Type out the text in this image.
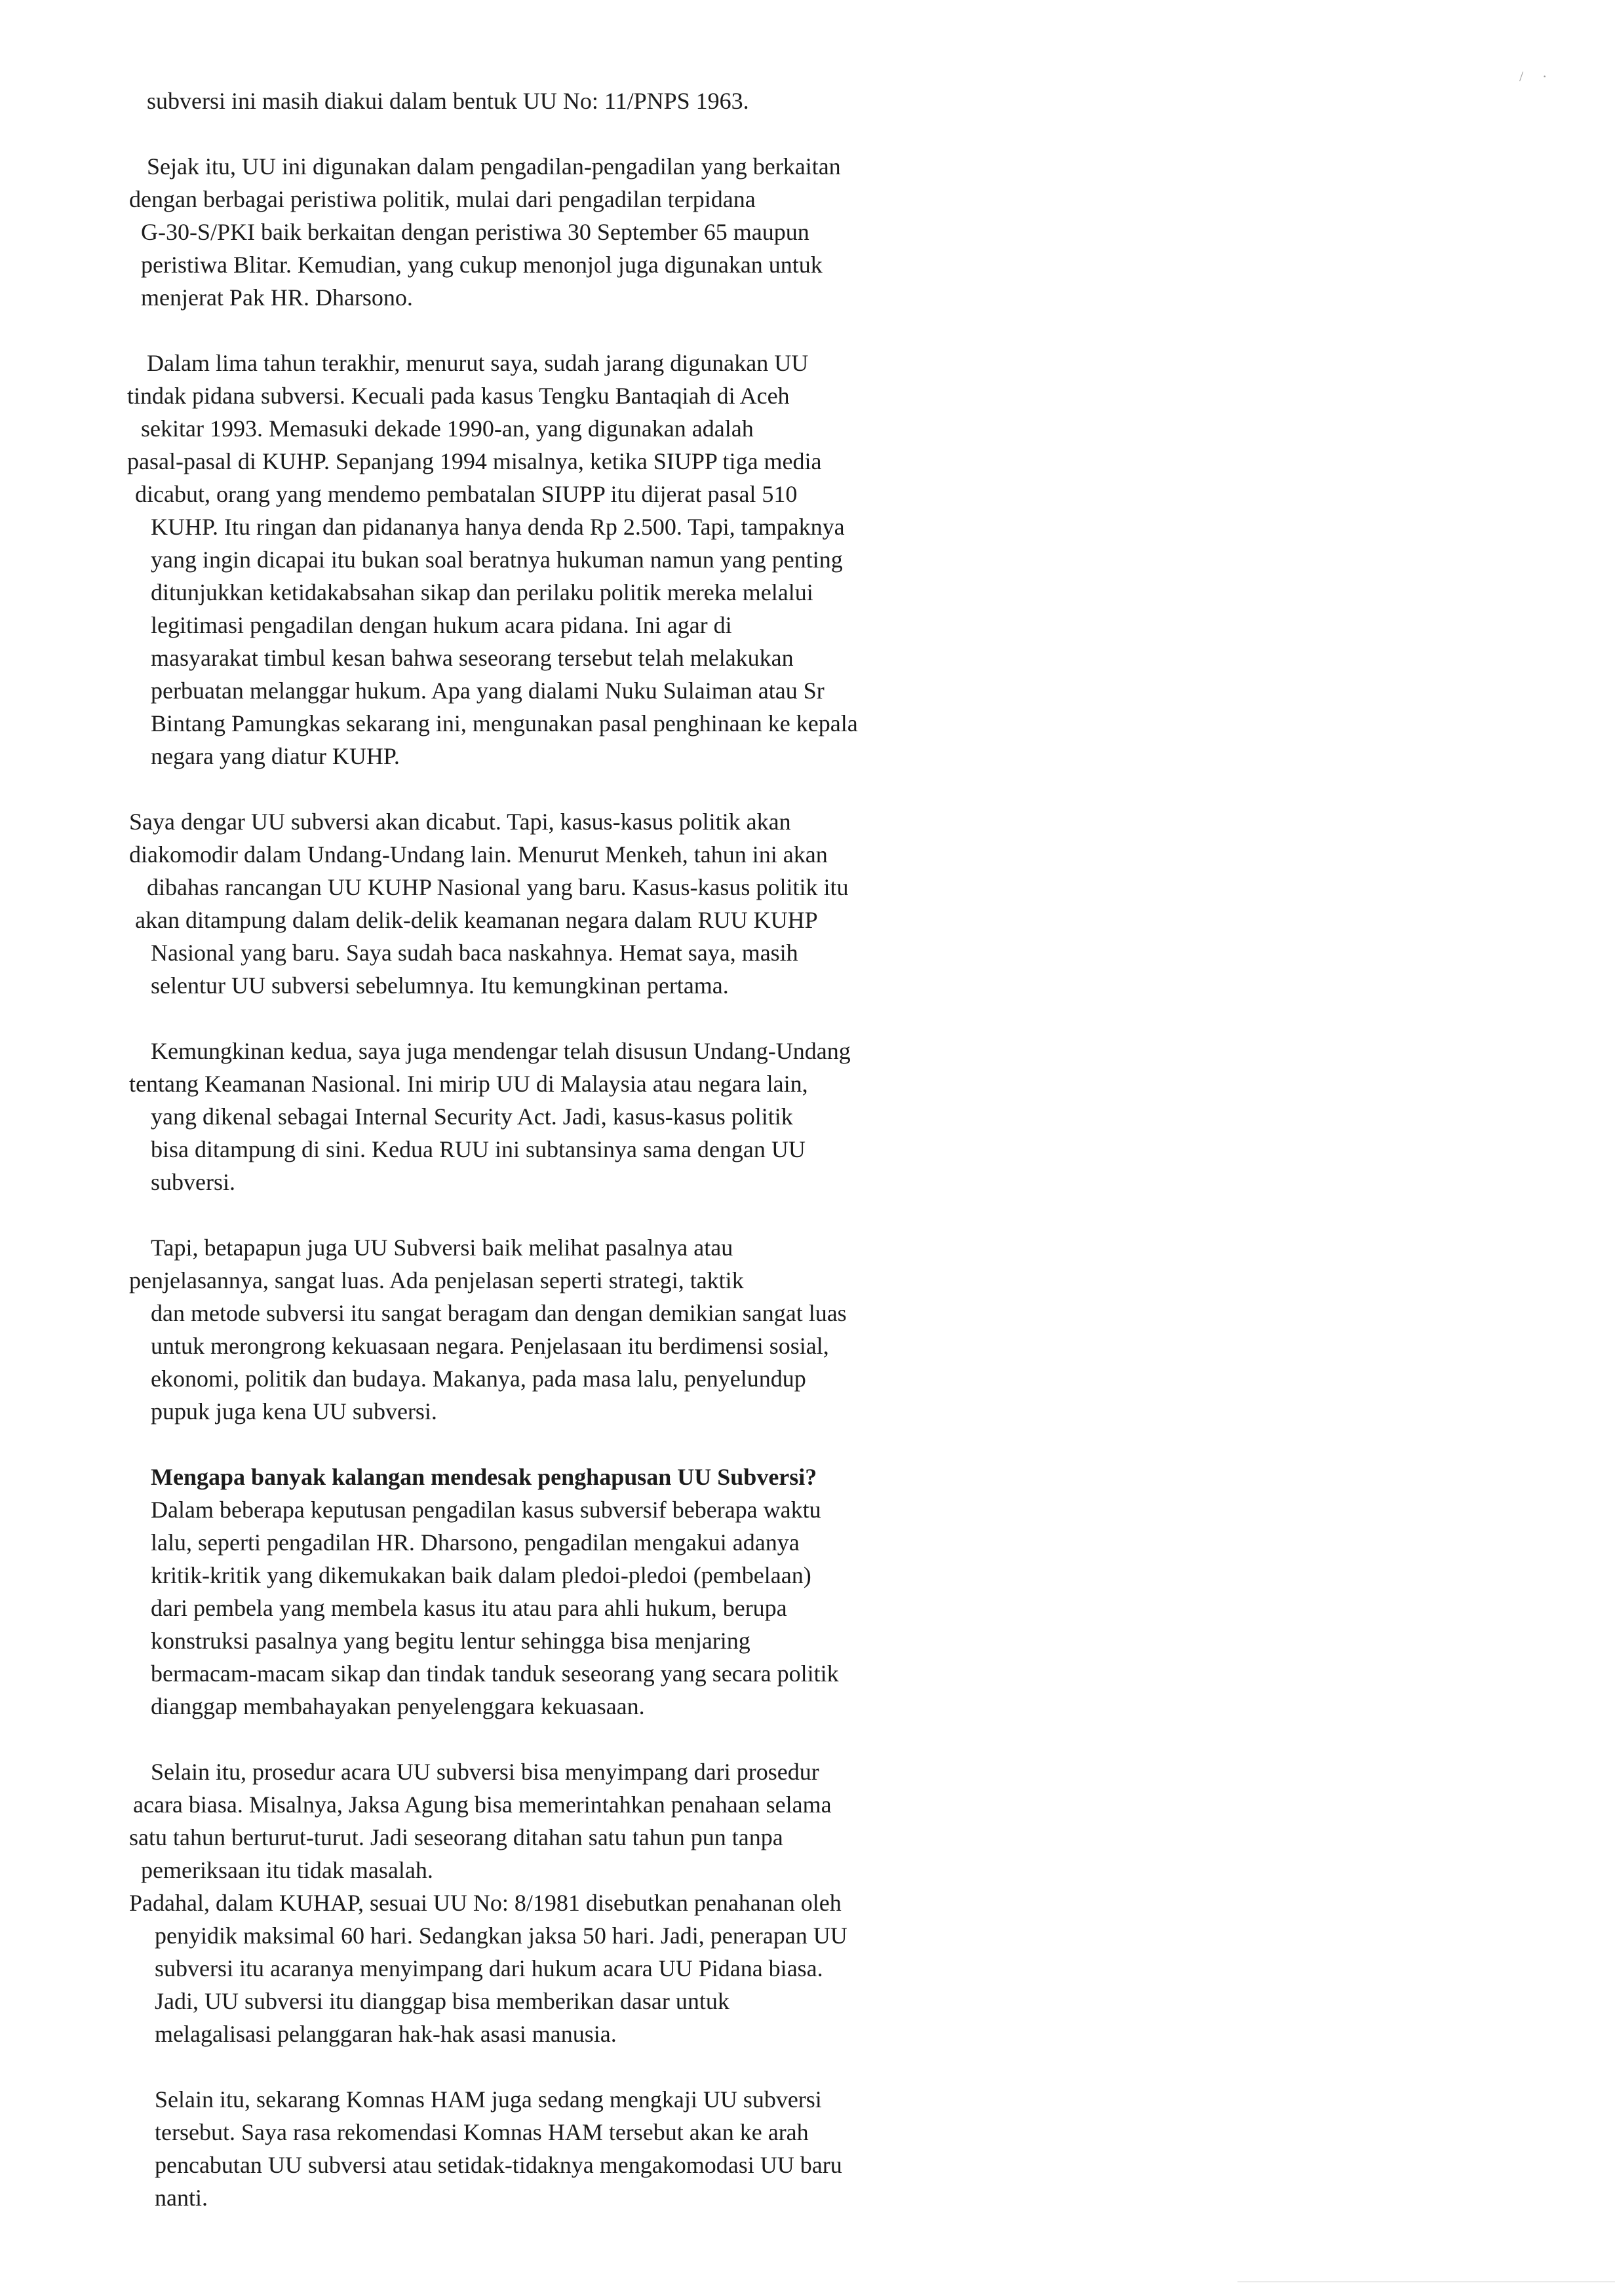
/ ·
subversi ini masih diakui dalam bentuk UU No: 11/PNPS 1963.
Sejak itu, UU ini digunakan dalam pengadilan-pengadilan yang berkaitan
dengan berbagai peristiwa politik, mulai dari pengadilan terpidana
G-30-S/PKI baik berkaitan dengan peristiwa 30 September 65 maupun
peristiwa Blitar. Kemudian, yang cukup menonjol juga digunakan untuk
menjerat Pak HR. Dharsono.
Dalam lima tahun terakhir, menurut saya, sudah jarang digunakan UU
tindak pidana subversi. Kecuali pada kasus Tengku Bantaqiah di Aceh
sekitar 1993. Memasuki dekade 1990-an, yang digunakan adalah
pasal-pasal di KUHP. Sepanjang 1994 misalnya, ketika SIUPP tiga media
dicabut, orang yang mendemo pembatalan SIUPP itu dijerat pasal 510
KUHP. Itu ringan dan pidananya hanya denda Rp 2.500. Tapi, tampaknya
yang ingin dicapai itu bukan soal beratnya hukuman namun yang penting
ditunjukkan ketidakabsahan sikap dan perilaku politik mereka melalui
legitimasi pengadilan dengan hukum acara pidana. Ini agar di
masyarakat timbul kesan bahwa seseorang tersebut telah melakukan
perbuatan melanggar hukum. Apa yang dialami Nuku Sulaiman atau Sr
Bintang Pamungkas sekarang ini, mengunakan pasal penghinaan ke kepala
negara yang diatur KUHP.
Saya dengar UU subversi akan dicabut. Tapi, kasus-kasus politik akan
diakomodir dalam Undang-Undang lain. Menurut Menkeh, tahun ini akan
dibahas rancangan UU KUHP Nasional yang baru. Kasus-kasus politik itu
akan ditampung dalam delik-delik keamanan negara dalam RUU KUHP
Nasional yang baru. Saya sudah baca naskahnya. Hemat saya, masih
selentur UU subversi sebelumnya. Itu kemungkinan pertama.
Kemungkinan kedua, saya juga mendengar telah disusun Undang-Undang
tentang Keamanan Nasional. Ini mirip UU di Malaysia atau negara lain,
yang dikenal sebagai Internal Security Act. Jadi, kasus-kasus politik
bisa ditampung di sini. Kedua RUU ini subtansinya sama dengan UU
subversi.
Tapi, betapapun juga UU Subversi baik melihat pasalnya atau
penjelasannya, sangat luas. Ada penjelasan seperti strategi, taktik
dan metode subversi itu sangat beragam dan dengan demikian sangat luas
untuk merongrong kekuasaan negara. Penjelasaan itu berdimensi sosial,
ekonomi, politik dan budaya. Makanya, pada masa lalu, penyelundup
pupuk juga kena UU subversi.
Mengapa banyak kalangan mendesak penghapusan UU Subversi?
Dalam beberapa keputusan pengadilan kasus subversif beberapa waktu
lalu, seperti pengadilan HR. Dharsono, pengadilan mengakui adanya
kritik-kritik yang dikemukakan baik dalam pledoi-pledoi (pembelaan)
dari pembela yang membela kasus itu atau para ahli hukum, berupa
konstruksi pasalnya yang begitu lentur sehingga bisa menjaring
bermacam-macam sikap dan tindak tanduk seseorang yang secara politik
dianggap membahayakan penyelenggara kekuasaan.
Selain itu, prosedur acara UU subversi bisa menyimpang dari prosedur
acara biasa. Misalnya, Jaksa Agung bisa memerintahkan penahaan selama
satu tahun berturut-turut. Jadi seseorang ditahan satu tahun pun tanpa
pemeriksaan itu tidak masalah.
Padahal, dalam KUHAP, sesuai UU No: 8/1981 disebutkan penahanan oleh
penyidik maksimal 60 hari. Sedangkan jaksa 50 hari. Jadi, penerapan UU
subversi itu acaranya menyimpang dari hukum acara UU Pidana biasa.
Jadi, UU subversi itu dianggap bisa memberikan dasar untuk
melagalisasi pelanggaran hak-hak asasi manusia.
Selain itu, sekarang Komnas HAM juga sedang mengkaji UU subversi
tersebut. Saya rasa rekomendasi Komnas HAM tersebut akan ke arah
pencabutan UU subversi atau setidak-tidaknya mengakomodasi UU baru
nanti.
